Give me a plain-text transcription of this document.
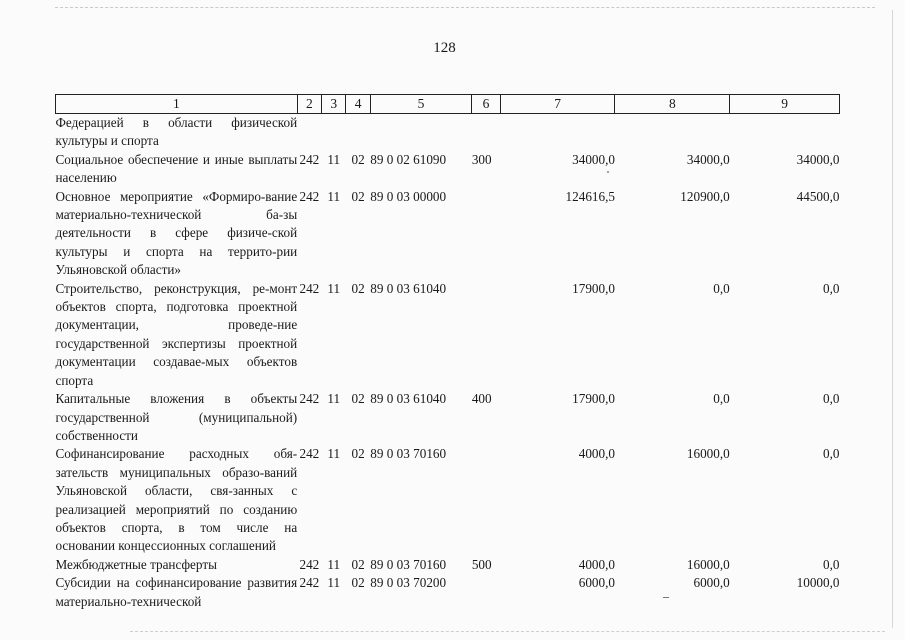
128
1	2	3	4	5	6	7	8	9
Федерацией в области физической культуры и спорта								
Социальное обеспечение и иные выплаты населению	242	11	02	89 0 02 61090	300	34000,0	34000,0	34000,0
Основное мероприятие «Формиро-вание материально-технической ба-зы деятельности в сфере физиче-ской культуры и спорта на террито-рии Ульяновской области»	242	11	02	89 0 03 00000		124616,5	120900,0	44500,0
Строительство, реконструкция, ре-монт объектов спорта, подготовка проектной документации, проведе-ние государственной экспертизы проектной документации создавае-мых объектов спорта	242	11	02	89 0 03 61040		17900,0	0,0	0,0
Капитальные вложения в объекты государственной (муниципальной) собственности	242	11	02	89 0 03 61040	400	17900,0	0,0	0,0
Софинансирование расходных обя-зательств муниципальных образо-ваний Ульяновской области, свя-занных с реализацией мероприятий по созданию объектов спорта, в том числе на основании концессионных соглашений	242	11	02	89 0 03 70160		4000,0	16000,0	0,0
Межбюджетные трансферты	242	11	02	89 0 03 70160	500	4000,0	16000,0	0,0
Субсидии на софинансирование развития материально-технической	242	11	02	89 0 03 70200		6000,0	6000,0	10000,0
